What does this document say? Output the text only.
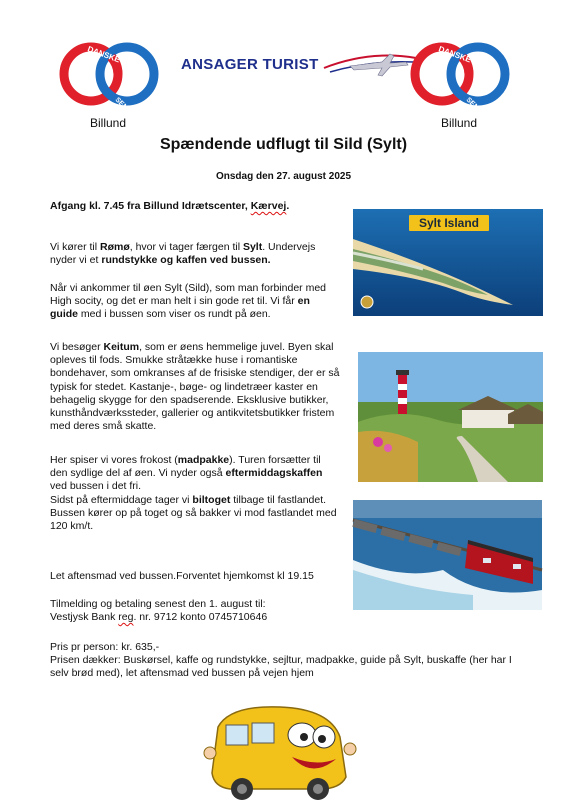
DANSKE
SENIORER
Billund
ANSAGER TURIST
DANSKE
SENIORER
Billund
Spændende udflugt til Sild (Sylt)
Onsdag den 27. august 2025
Afgang kl. 7.45 fra Billund Idrætscenter, Kærvej.
Vi kører til Rømø, hvor vi tager færgen til Sylt. Undervejs nyder vi et rundstykke og kaffen ved bussen.
Når vi ankommer til øen Sylt (Sild), som man forbinder med High socity, og det er man helt i sin gode ret til. Vi får en guide med i bussen som viser os rundt på øen.
Vi besøger Keitum, som er øens hemmelige juvel. Byen skal opleves til fods. Smukke stråtække huse i romantiske bondehaver, som omkranses af de frisiske stendiger, der er så typisk for stedet. Kastanje-, bøge- og lindetræer kaster en behagelig skygge for den spadserende. Eksklusive butikker, kunsthåndværkssteder, gallerier og antikvitetsbutikker fristem med deres små skatte.
Her spiser vi vores frokost (madpakke). Turen forsætter til den sydlige del af øen. Vi nyder også eftermiddagskaffen ved bussen i det fri.
Sidst på eftermiddage tager vi biltoget tilbage til fastlandet.
Bussen kører op på toget og så bakker vi mod fastlandet med 120 km/t.
Let aftensmad ved bussen.Forventet hjemkomst kl 19.15
Tilmelding og betaling senest den 1. august til:
Vestjysk Bank reg. nr. 9712 konto 0745710646
Pris pr person: kr. 635,-
Prisen dækker: Buskørsel, kaffe og rundstykke, sejltur, madpakke, guide på Sylt, buskaffe (her har I selv brød med), let aftensmad ved bussen på vejen hjem
Sylt Island
